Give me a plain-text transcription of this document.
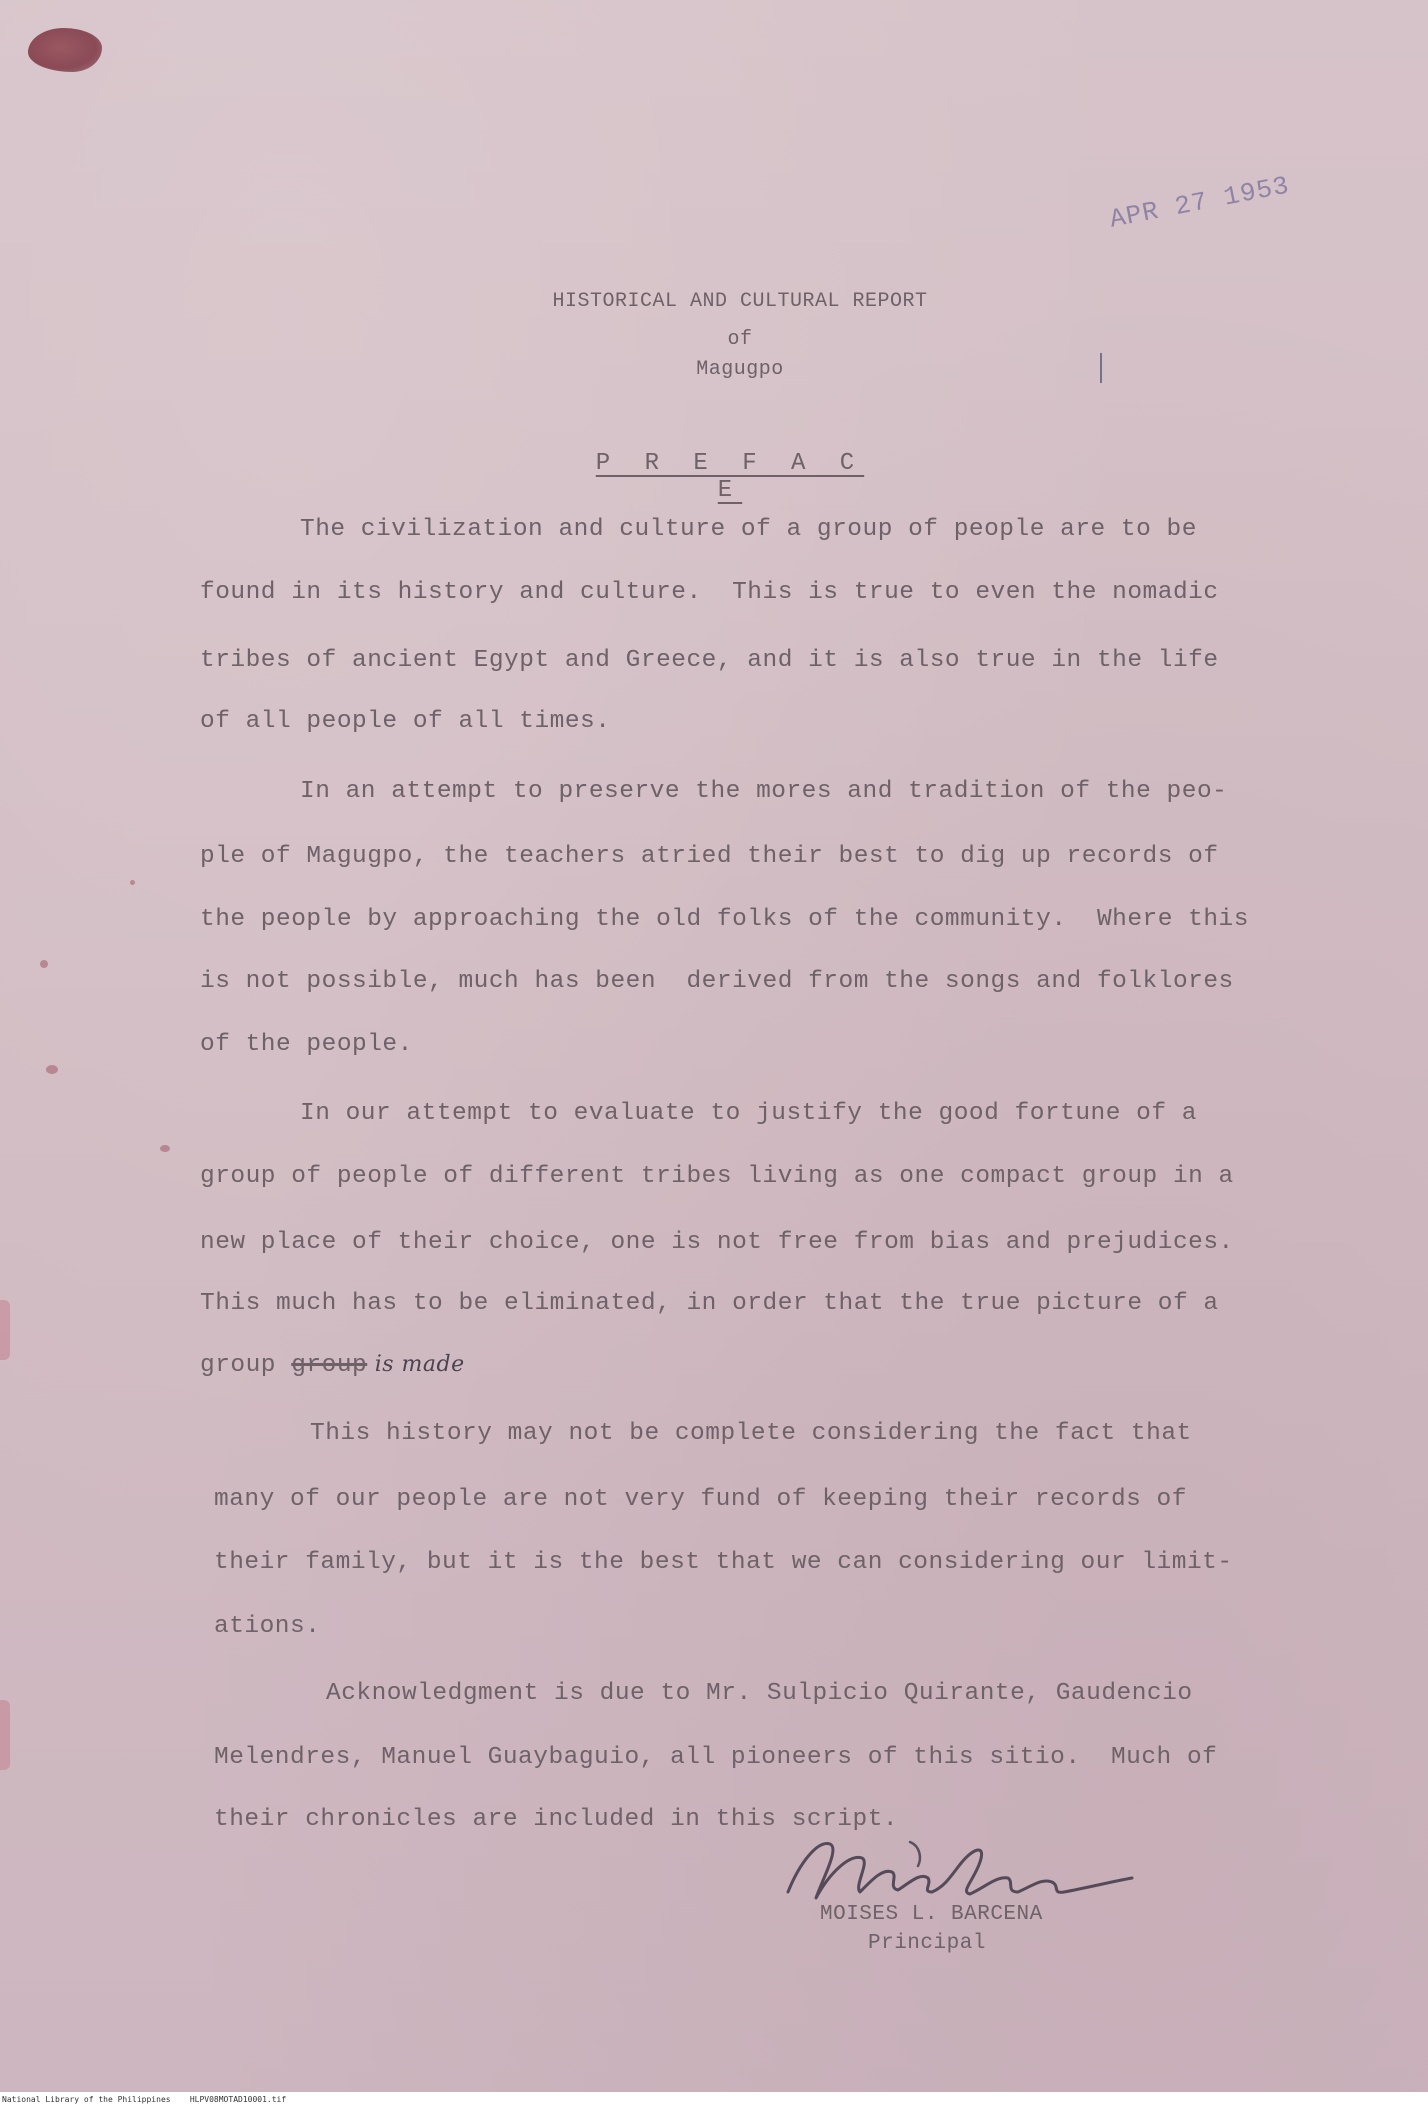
HISTORICAL AND CULTURAL REPORT
of
Magugpo
APR 27 1953
P R E F A C E
The civilization and culture of a group of people are to be
found in its history and culture.  This is true to even the nomadic
tribes of ancient Egypt and Greece, and it is also true in the life
of all people of all times.
In an attempt to preserve the mores and tradition of the peo-
ple of Magugpo, the teachers atried their best to dig up records of
the people by approaching the old folks of the community.  Where this
is not possible, much has been  derived from the songs and folklores
of the people.
In our attempt to evaluate to justify the good fortune of a
group of people of different tribes living as one compact group in a
new place of their choice, one is not free from bias and prejudices.
This much has to be eliminated, in order that the true picture of a
group group is made
This history may not be complete considering the fact that
many of our people are not very fund of keeping their records of
their family, but it is the best that we can considering our limit-
ations.
Acknowledgment is due to Mr. Sulpicio Quirante, Gaudencio
Melendres, Manuel Guaybaguio, all pioneers of this sitio.  Much of
their chronicles are included in this script.
MOISES L. BARCENA
Principal
National Library of the Philippines    HLPV08MOTAD10001.tif
